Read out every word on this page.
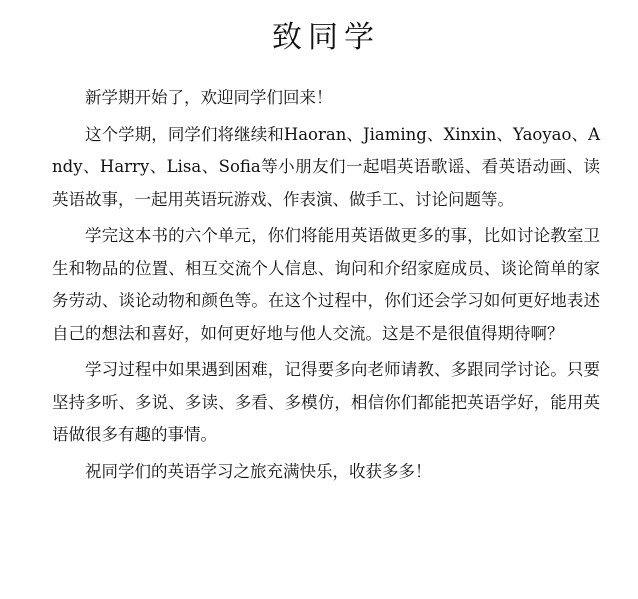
致同学

新学期开始了，欢迎同学们回来！

这个学期，同学们将继续和Haoran、Jiaming、Xinxin、Yaoyao、Andy、Harry、Lisa、Sofia等小朋友们一起唱英语歌谣、看英语动画、读英语故事，一起用英语玩游戏、作表演、做手工、讨论问题等。

学完这本书的六个单元，你们将能用英语做更多的事，比如讨论教室卫生和物品的位置、相互交流个人信息、询问和介绍家庭成员、谈论简单的家务劳动、谈论动物和颜色等。在这个过程中，你们还会学习如何更好地表述自己的想法和喜好，如何更好地与他人交流。这是不是很值得期待啊？

学习过程中如果遇到困难，记得要多向老师请教、多跟同学讨论。只要坚持多听、多说、多读、多看、多模仿，相信你们都能把英语学好，能用英语做很多有趣的事情。

祝同学们的英语学习之旅充满快乐，收获多多！
